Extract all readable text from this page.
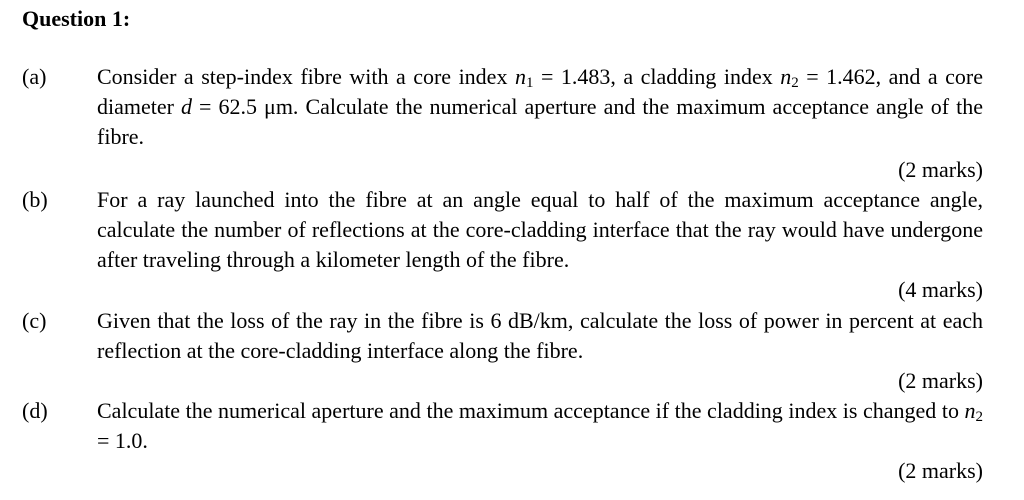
Question 1:
(a) Consider a step-index fibre with a core index $n_1 = 1.483$, a cladding index $n_2 = 1.462$, and a core diameter d = 62.5 μm. Calculate the numerical aperture and the maximum acceptance angle of the fibre.
(2 marks)
(b) For a ray launched into the fibre at an angle equal to half of the maximum acceptance angle, calculate the number of reflections at the core-cladding interface that the ray would have undergone after traveling through a kilometer length of the fibre.
(4 marks)
(c) Given that the loss of the ray in the fibre is 6 dB/km, calculate the loss of power in percent at each reflection at the core-cladding interface along the fibre.
(2 marks)
(d) Calculate the numerical aperture and the maximum acceptance if the cladding index is changed to $n_2 = 1.0$.
(2 marks)
